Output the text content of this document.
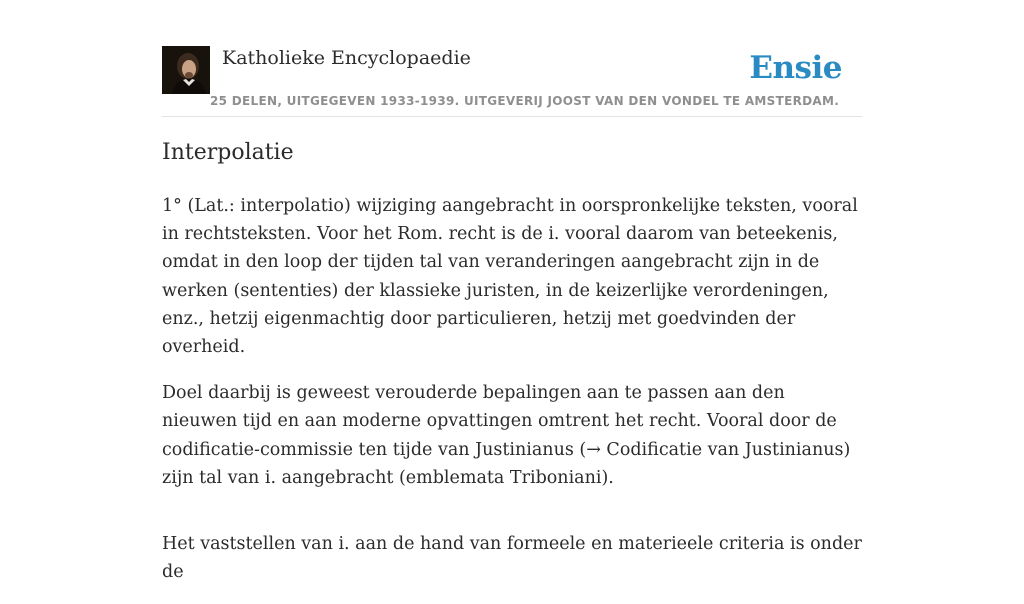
Katholieke Encyclopaedie	Ensie
25 DELEN, UITGEGEVEN 1933-1939. UITGEVERIJ JOOST VAN DEN VONDEL TE AMSTERDAM.
Interpolatie

1° (Lat.: interpolatio) wijziging aangebracht in oorspronkelijke teksten, vooral in rechtsteksten. Voor het Rom. recht is de i. vooral daarom van beteekenis, omdat in den loop der tijden tal van veranderingen aangebracht zijn in de werken (sententies) der klassieke juristen, in de keizerlijke verordeningen, enz., hetzij eigenmachtig door particulieren, hetzij met goedvinden der overheid.

Doel daarbij is geweest verouderde bepalingen aan te passen aan den nieuwen tijd en aan moderne opvattingen omtrent het recht. Vooral door de codificatie-commissie ten tijde van Justinianus (→ Codificatie van Justinianus) zijn tal van i. aangebracht (emblemata Triboniani).

Het vaststellen van i. aan de hand van formeele en materieele criteria is onder de
